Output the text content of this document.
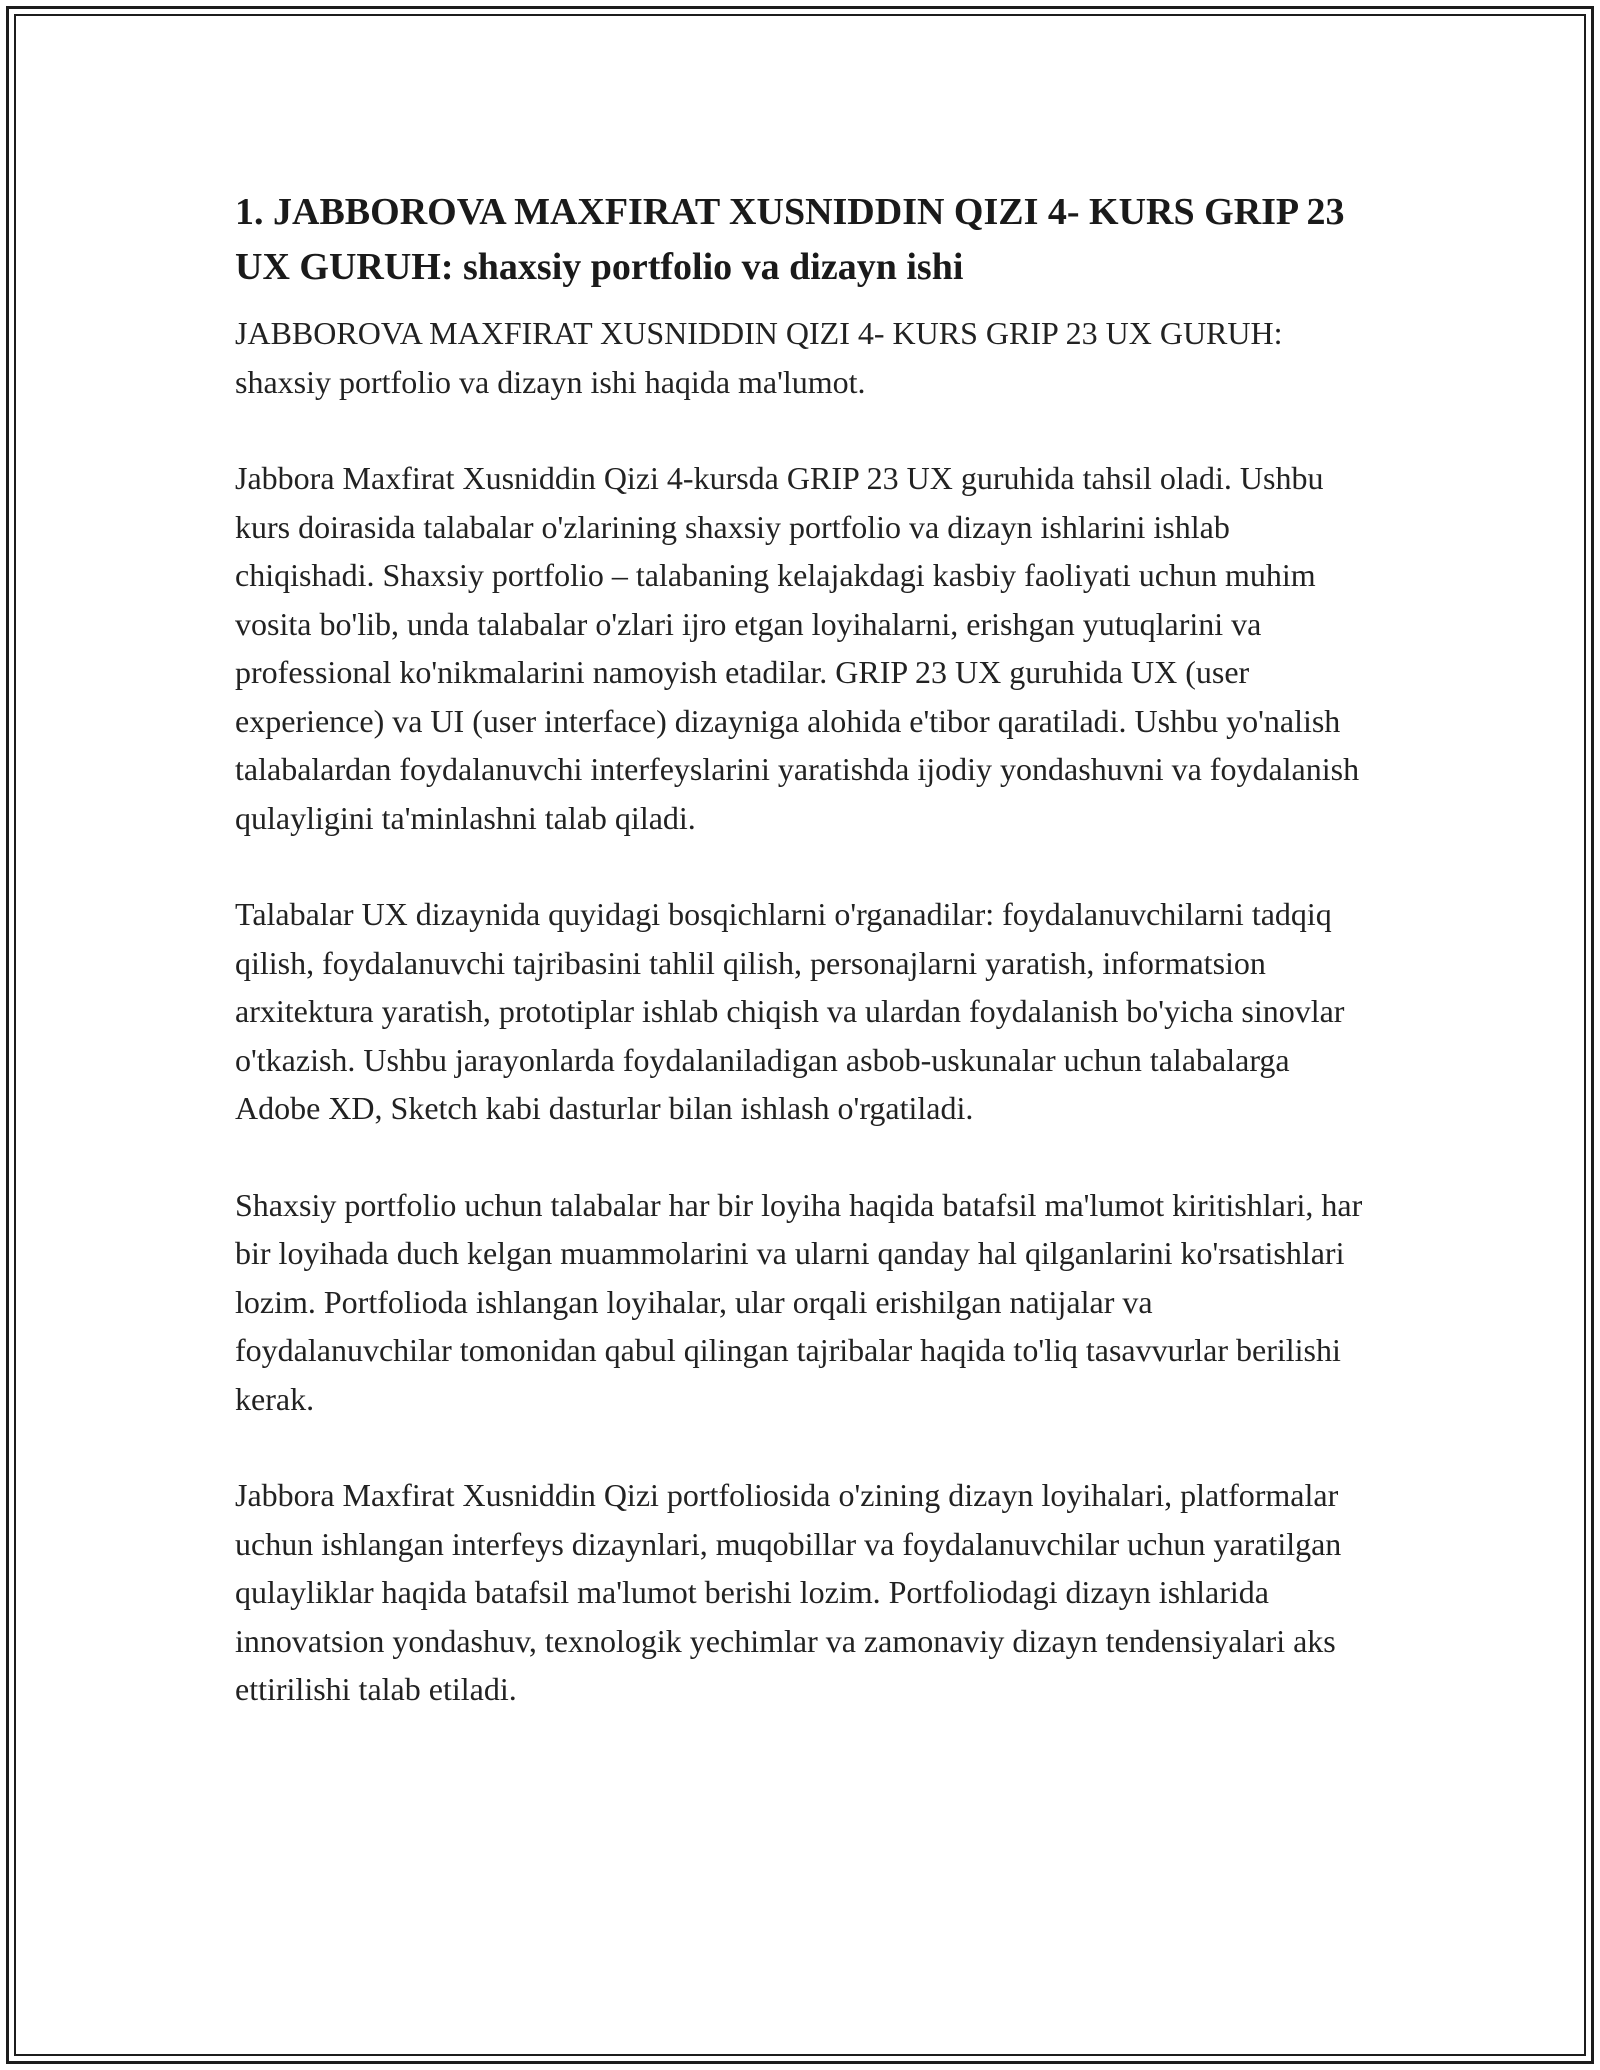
1. JABBOROVA MAXFIRAT XUSNIDDIN QIZI 4- KURS GRIP 23 UX GURUH: shaxsiy portfolio va dizayn ishi

JABBOROVA MAXFIRAT XUSNIDDIN QIZI 4- KURS GRIP 23 UX GURUH: shaxsiy portfolio va dizayn ishi haqida ma'lumot.

Jabbora Maxfirat Xusniddin Qizi 4-kursda GRIP 23 UX guruhida tahsil oladi. Ushbu kurs doirasida talabalar o'zlarining shaxsiy portfolio va dizayn ishlarini ishlab chiqishadi. Shaxsiy portfolio – talabaning kelajakdagi kasbiy faoliyati uchun muhim vosita bo'lib, unda talabalar o'zlari ijro etgan loyihalarni, erishgan yutuqlarini va professional ko'nikmalarini namoyish etadilar. GRIP 23 UX guruhida UX (user experience) va UI (user interface) dizayniga alohida e'tibor qaratiladi. Ushbu yo'nalish talabalardan foydalanuvchi interfeyslarini yaratishda ijodiy yondashuvni va foydalanish qulayligini ta'minlashni talab qiladi.

Talabalar UX dizaynida quyidagi bosqichlarni o'rganadilar: foydalanuvchilarni tadqiq qilish, foydalanuvchi tajribasini tahlil qilish, personajlarni yaratish, informatsion arxitektura yaratish, prototiplar ishlab chiqish va ulardan foydalanish bo'yicha sinovlar o'tkazish. Ushbu jarayonlarda foydalaniladigan asbob-uskunalar uchun talabalarga Adobe XD, Sketch kabi dasturlar bilan ishlash o'rgatiladi.

Shaxsiy portfolio uchun talabalar har bir loyiha haqida batafsil ma'lumot kiritishlari, har bir loyihada duch kelgan muammolarini va ularni qanday hal qilganlarini ko'rsatishlari lozim. Portfolioda ishlangan loyihalar, ular orqali erishilgan natijalar va foydalanuvchilar tomonidan qabul qilingan tajribalar haqida to'liq tasavvurlar berilishi kerak.

Jabbora Maxfirat Xusniddin Qizi portfoliosida o'zining dizayn loyihalari, platformalar uchun ishlangan interfeys dizaynlari, muqobillar va foydalanuvchilar uchun yaratilgan qulayliklar haqida batafsil ma'lumot berishi lozim. Portfoliodagi dizayn ishlarida innovatsion yondashuv, texnologik yechimlar va zamonaviy dizayn tendensiyalari aks ettirilishi talab etiladi.
